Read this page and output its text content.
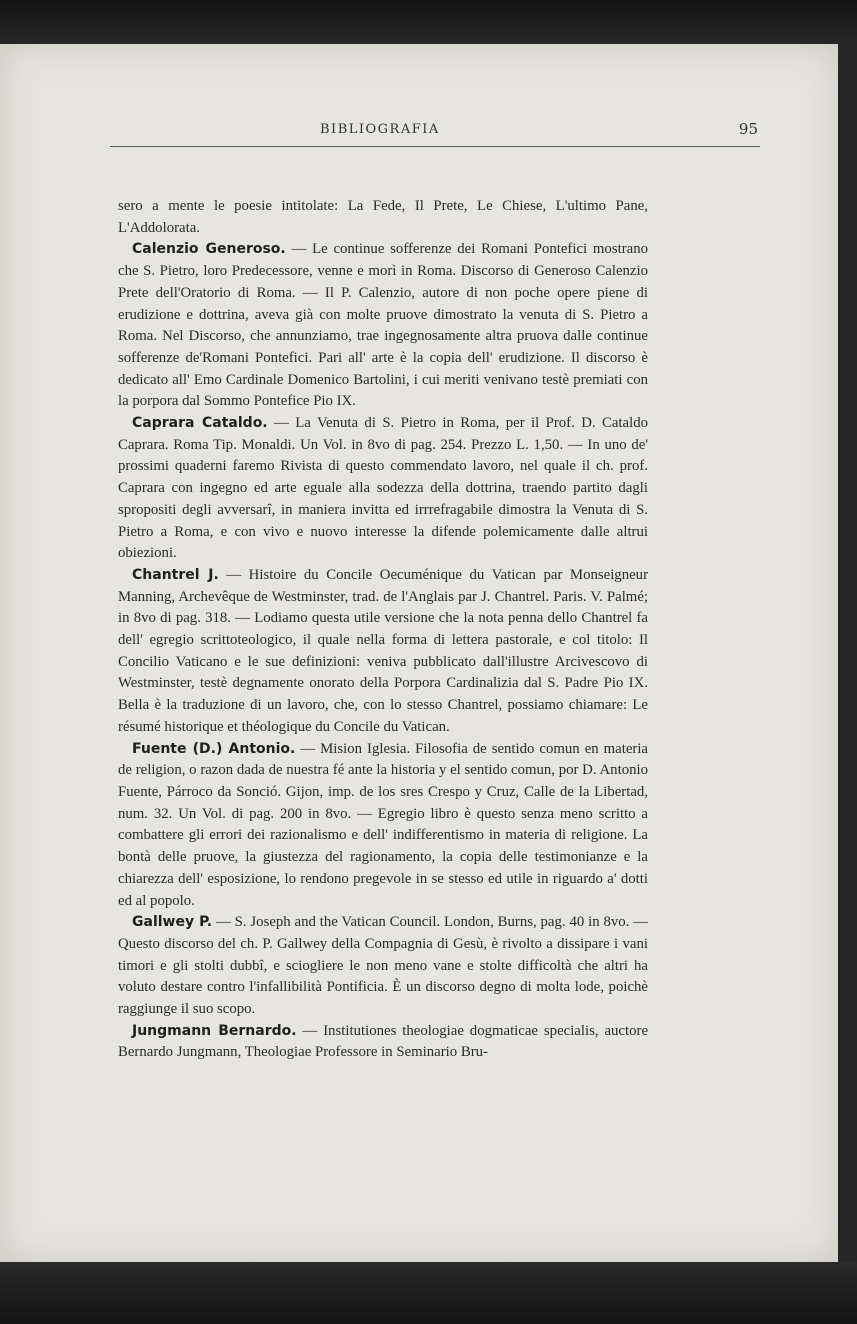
BIBLIOGRAFIA	95

sero a mente le poesie intitolate: La Fede, Il Prete, Le Chiese, L'ultimo Pane, L'Addolorata.

Calenzio Generoso. — Le continue sofferenze dei Romani Pontefici mostrano che S. Pietro, loro Predecessore, venne e morì in Roma. Discorso di Generoso Calenzio Prete dell'Oratorio di Roma. — Il P. Calenzio, autore di non poche opere piene di erudizione e dottrina, aveva già con molte pruove dimostrato la venuta di S. Pietro a Roma. Nel Discorso, che annunziamo, trae ingegnosamente altra pruova dalle continue sofferenze de'Romani Pontefici. Pari all' arte è la copia dell' erudizione. Il discorso è dedicato all' Emo Cardinale Domenico Bartolini, i cui meriti venivano testè premiati con la porpora dal Sommo Pontefice Pio IX.

Caprara Cataldo. — La Venuta di S. Pietro in Roma, per il Prof. D. Cataldo Caprara. Roma Tip. Monaldi. Un Vol. in 8vo di pag. 254. Prezzo L. 1,50. — In uno de' prossimi quaderni faremo Rivista di questo commendato lavoro, nel quale il ch. prof. Caprara con ingegno ed arte eguale alla sodezza della dottrina, traendo partito dagli spropositi degli avversarî, in maniera invitta ed irrrefragabile dimostra la Venuta di S. Pietro a Roma, e con vivo e nuovo interesse la difende polemicamente dalle altrui obiezioni.

Chantrel J. — Histoire du Concile Oecuménique du Vatican par Monseigneur Manning, Archevêque de Westminster, trad. de l'Anglais par J. Chantrel. Paris. V. Palmé; in 8vo di pag. 318. — Lodiamo questa utile versione che la nota penna dello Chantrel fa dell' egregio scrittoteologico, il quale nella forma di lettera pastorale, e col titolo: Il Concilio Vaticano e le sue definizioni: veniva pubblicato dall'illustre Arcivescovo di Westminster, testè degnamente onorato della Porpora Cardinalizia dal S. Padre Pio IX. Bella è la traduzione di un lavoro, che, con lo stesso Chantrel, possiamo chiamare: Le résumé historique et théologique du Concile du Vatican.

Fuente (D.) Antonio. — Mision Iglesia. Filosofia de sentido comun en materia de religion, o razon dada de nuestra fé ante la historia y el sentido comun, por D. Antonio Fuente, Párroco da Sonció. Gijon, imp. de los sres Crespo y Cruz, Calle de la Libertad, num. 32. Un Vol. di pag. 200 in 8vo. — Egregio libro è questo senza meno scritto a combattere gli errori dei razionalismo e dell' indifferentismo in materia di religione. La bontà delle pruove, la giustezza del ragionamento, la copia delle testimonianze e la chiarezza dell' esposizione, lo rendono pregevole in se stesso ed utile in riguardo a' dotti ed al popolo.

Gallwey P. — S. Joseph and the Vatican Council. London, Burns, pag. 40 in 8vo. — Questo discorso del ch. P. Gallwey della Compagnia di Gesù, è rivolto a dissipare i vani timori e gli stolti dubbî, e sciogliere le non meno vane e stolte difficoltà che altri ha voluto destare contro l'infallibilità Pontificia. È un discorso degno di molta lode, poichè raggiunge il suo scopo.

Jungmann Bernardo. — Institutiones theologiae dogmaticae specialis, auctore Bernardo Jungmann, Theologiae Professore in Seminario Bru-
